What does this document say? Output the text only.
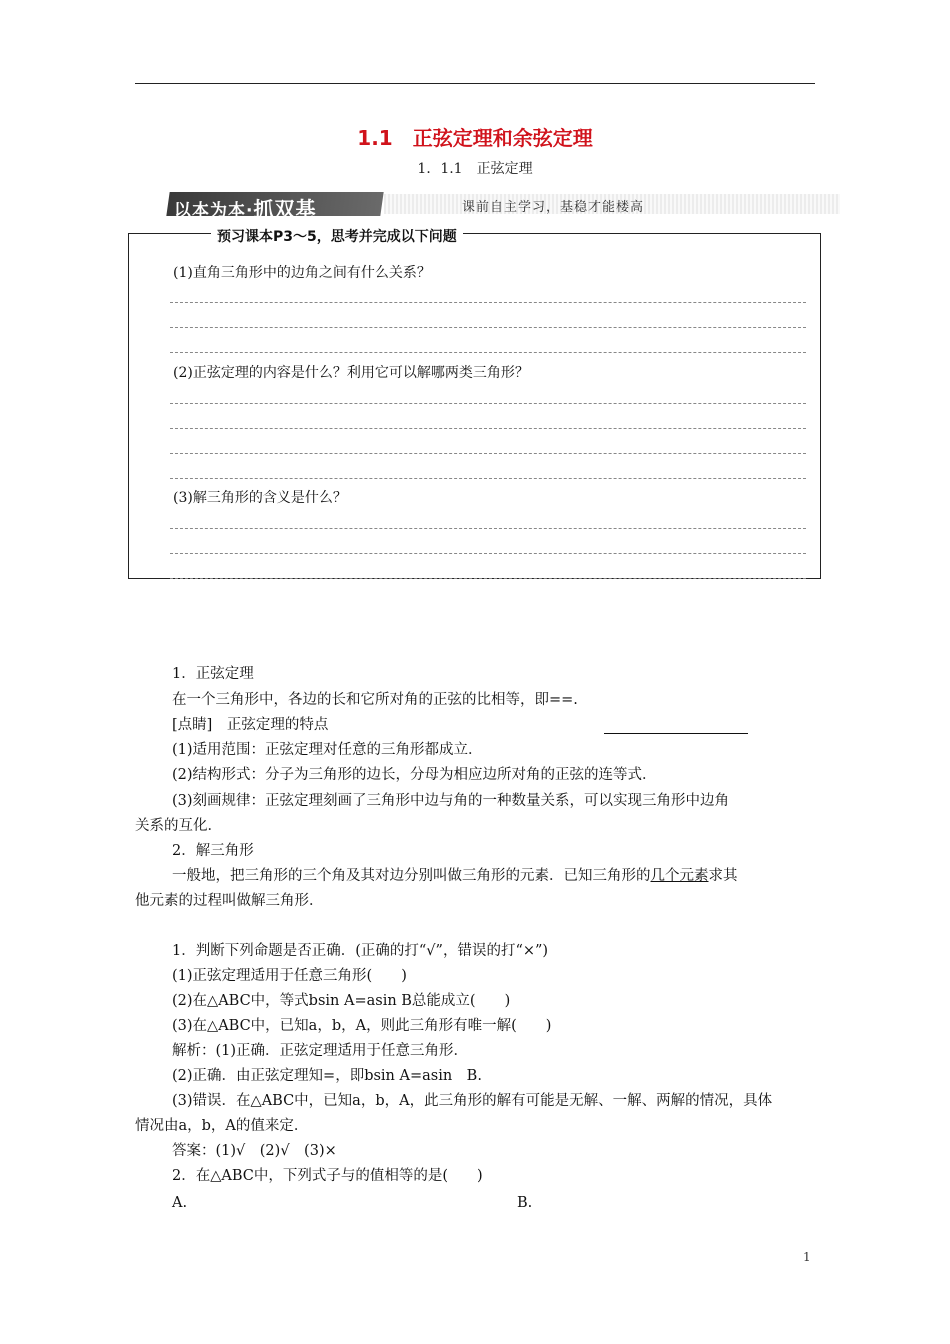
1.1　正弦定理和余弦定理
1．1.1　正弦定理
以本为本·抓双基	课前自主学习，基稳才能楼高
预习课本P3～5，思考并完成以下问题
(1)直角三角形中的边角之间有什么关系？
(2)正弦定理的内容是什么？利用它可以解哪两类三角形？
(3)解三角形的含义是什么？
1．正弦定理
在一个三角形中，各边的长和它所对角的正弦的比相等，即==.
[点睛]　正弦定理的特点
(1)适用范围：正弦定理对任意的三角形都成立．
(2)结构形式：分子为三角形的边长，分母为相应边所对角的正弦的连等式．
(3)刻画规律：正弦定理刻画了三角形中边与角的一种数量关系，可以实现三角形中边角
关系的互化．
2．解三角形
一般地，把三角形的三个角及其对边分别叫做三角形的元素．已知三角形的几个元素求其
他元素的过程叫做解三角形．
1．判断下列命题是否正确．(正确的打“√”，错误的打“×”)
(1)正弦定理适用于任意三角形(　　)
(2)在△ABC中，等式bsin A=asin B总能成立(　　)
(3)在△ABC中，已知a，b，A，则此三角形有唯一解(　　)
解析：(1)正确．正弦定理适用于任意三角形．
(2)正确．由正弦定理知=，即bsin A=asin　B.
(3)错误．在△ABC中，已知a，b，A，此三角形的解有可能是无解、一解、两解的情况，具体
情况由a，b，A的值来定．
答案：(1)√　(2)√　(3)×
2．在△ABC中，下列式子与的值相等的是(　　)
A.	B.
1
